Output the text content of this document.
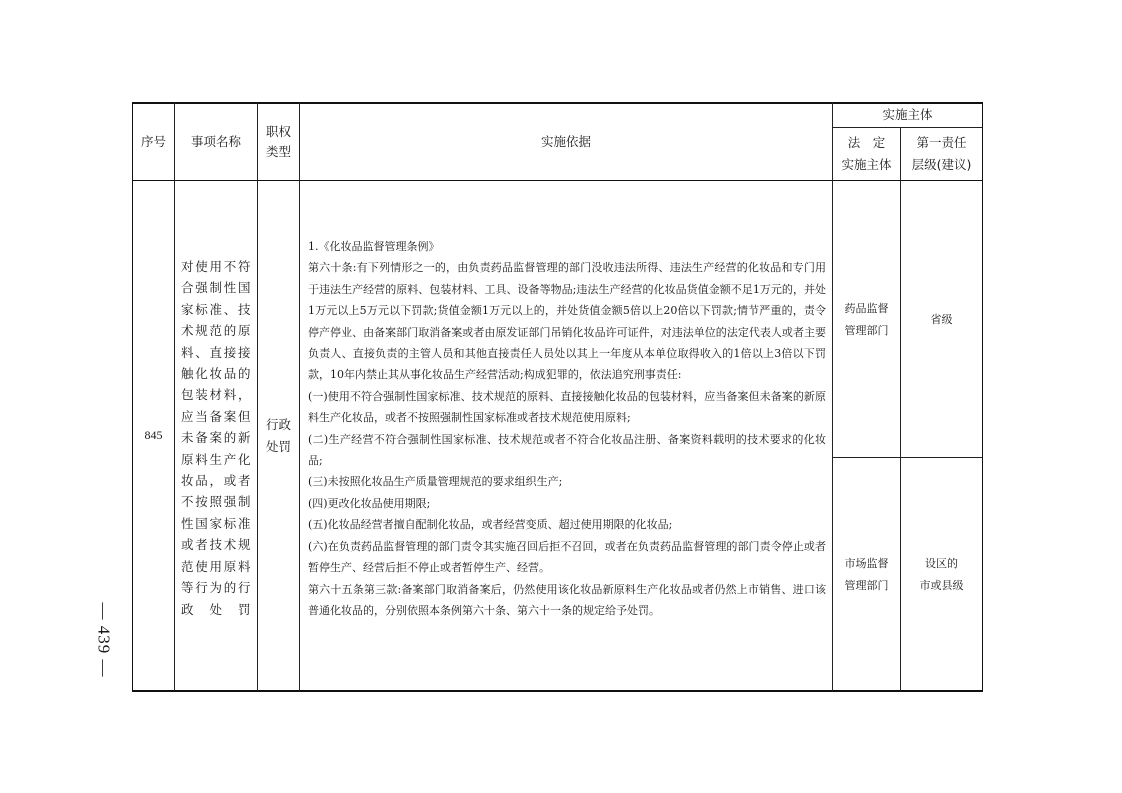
序号	事项名称
职权
类型
实施依据
实施主体
法　定
实施主体
第一责任
层级(建议)
845
对使用不符合强制性国家标准、技术规范的原料、直接接触化妆品的包装材料，应当备案但未备案的新原料生产化妆品，或者不按照强制性国家标准或者技术规范使用原料等行为的行政处罚
行政
处罚

1.《化妆品监督管理条例》

第六十条:有下列情形之一的，由负责药品监督管理的部门没收违法所得、违法生产经营的化妆品和专门用于违法生产经营的原料、包装材料、工具、设备等物品;违法生产经营的化妆品货值金额不足1万元的，并处1万元以上5万元以下罚款;货值金额1万元以上的，并处货值金额5倍以上20倍以下罚款;情节严重的，责令停产停业、由备案部门取消备案或者由原发证部门吊销化妆品许可证件，对违法单位的法定代表人或者主要负责人、直接负责的主管人员和其他直接责任人员处以其上一年度从本单位取得收入的1倍以上3倍以下罚款，10年内禁止其从事化妆品生产经营活动;构成犯罪的，依法追究刑事责任:

(一)使用不符合强制性国家标准、技术规范的原料、直接接触化妆品的包装材料，应当备案但未备案的新原料生产化妆品，或者不按照强制性国家标准或者技术规范使用原料;

(二)生产经营不符合强制性国家标准、技术规范或者不符合化妆品注册、备案资料载明的技术要求的化妆品;

(三)未按照化妆品生产质量管理规范的要求组织生产;

(四)更改化妆品使用期限;

(五)化妆品经营者擅自配制化妆品，或者经营变质、超过使用期限的化妆品;

(六)在负责药品监督管理的部门责令其实施召回后拒不召回，或者在负责药品监督管理的部门责令停止或者暂停生产、经营后拒不停止或者暂停生产、经营。

第六十五条第三款:备案部门取消备案后，仍然使用该化妆品新原料生产化妆品或者仍然上市销售、进口该普通化妆品的，分别依照本条例第六十条、第六十一条的规定给予处罚。

药品监督
管理部门
省级
市场监督
管理部门
设区的
市或县级
— 439 —
